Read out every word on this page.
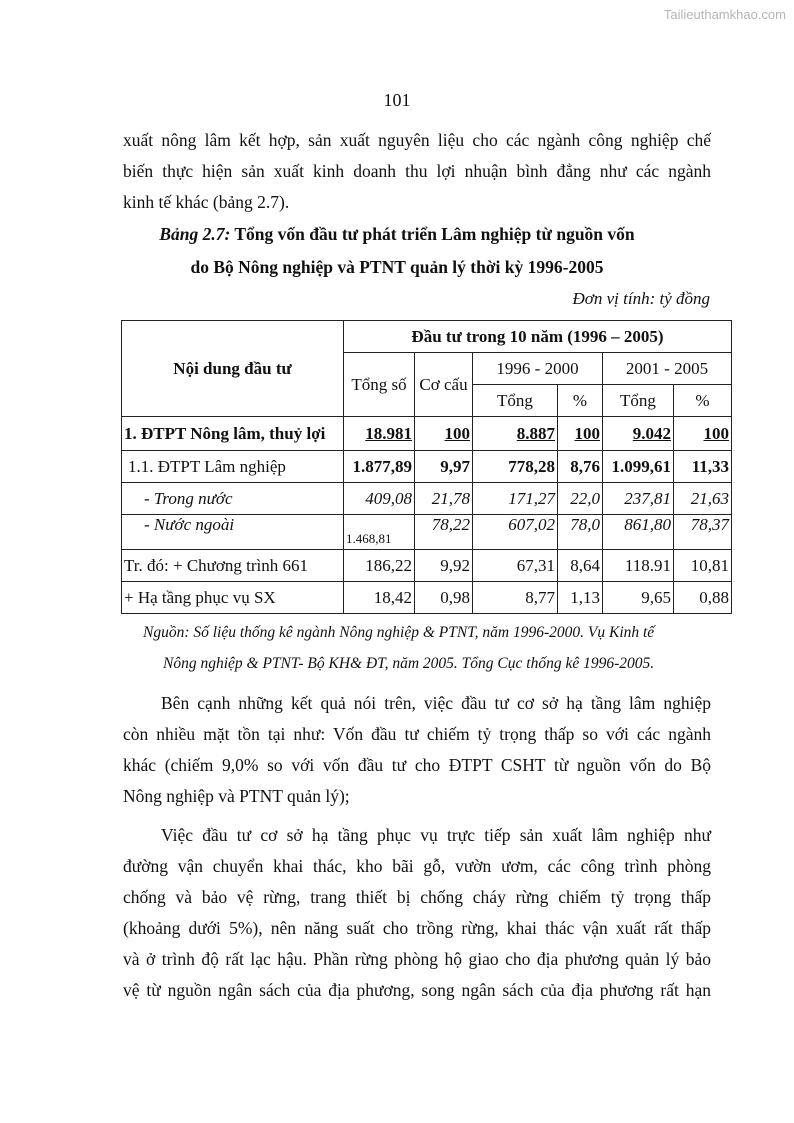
Tailieuthamkhao.com
101
xuất nông lâm kết hợp, sản xuất nguyên liệu cho các ngành công nghiệp chế
biến thực hiện sản xuất kinh doanh thu lợi nhuận bình đẳng như các ngành
kinh tế khác (bảng 2.7).
Bảng 2.7: Tổng vốn đầu tư phát triển Lâm nghiệp từ nguồn vốn
do Bộ Nông nghiệp và PTNT quản lý thời kỳ 1996-2005
Đơn vị tính: tỷ đồng
Nội dung đầu tư	Đầu tư trong 10 năm (1996 – 2005)					
	Tổng số	Cơ cấu	1996 - 2000		2001 - 2005	
			Tổng	%	Tổng	%
1. ĐTPT Nông lâm, thuỷ lợi	18.981	100	8.887	100	9.042	100
1.1. ĐTPT Lâm nghiệp	1.877,89	9,97	778,28	8,76	1.099,61	11,33
- Trong nước	409,08	21,78	171,27	22,0	237,81	21,63
- Nước ngoài	1.468,81	78,22	607,02	78,0	861,80	78,37
Tr. đó: + Chương trình 661	186,22	9,92	67,31	8,64	118.91	10,81
+ Hạ tầng phục vụ SX	18,42	0,98	8,77	1,13	9,65	0,88
Nguồn: Số liệu thống kê ngành Nông nghiệp & PTNT, năm 1996-2000. Vụ Kinh tế
Nông nghiệp & PTNT- Bộ KH& ĐT, năm 2005. Tổng Cục thống kê 1996-2005.
Bên cạnh những kết quả nói trên, việc đầu tư cơ sở hạ tầng lâm nghiệp
còn nhiều mặt tồn tại như: Vốn đầu tư chiếm tỷ trọng thấp so với các ngành
khác (chiếm 9,0% so với vốn đầu tư cho ĐTPT CSHT từ nguồn vốn do Bộ
Nông nghiệp và PTNT quản lý);
Việc đầu tư cơ sở hạ tầng phục vụ trực tiếp sản xuất lâm nghiệp như
đường vận chuyển khai thác, kho bãi gỗ, vườn ươm, các công trình phòng
chống và bảo vệ rừng, trang thiết bị chống cháy rừng chiếm tỷ trọng thấp
(khoảng dưới 5%), nên năng suất cho trồng rừng, khai thác vận xuất rất thấp
và ở trình độ rất lạc hậu. Phần rừng phòng hộ giao cho địa phương quản lý bảo
vệ từ nguồn ngân sách của địa phương, song ngân sách của địa phương rất hạn
